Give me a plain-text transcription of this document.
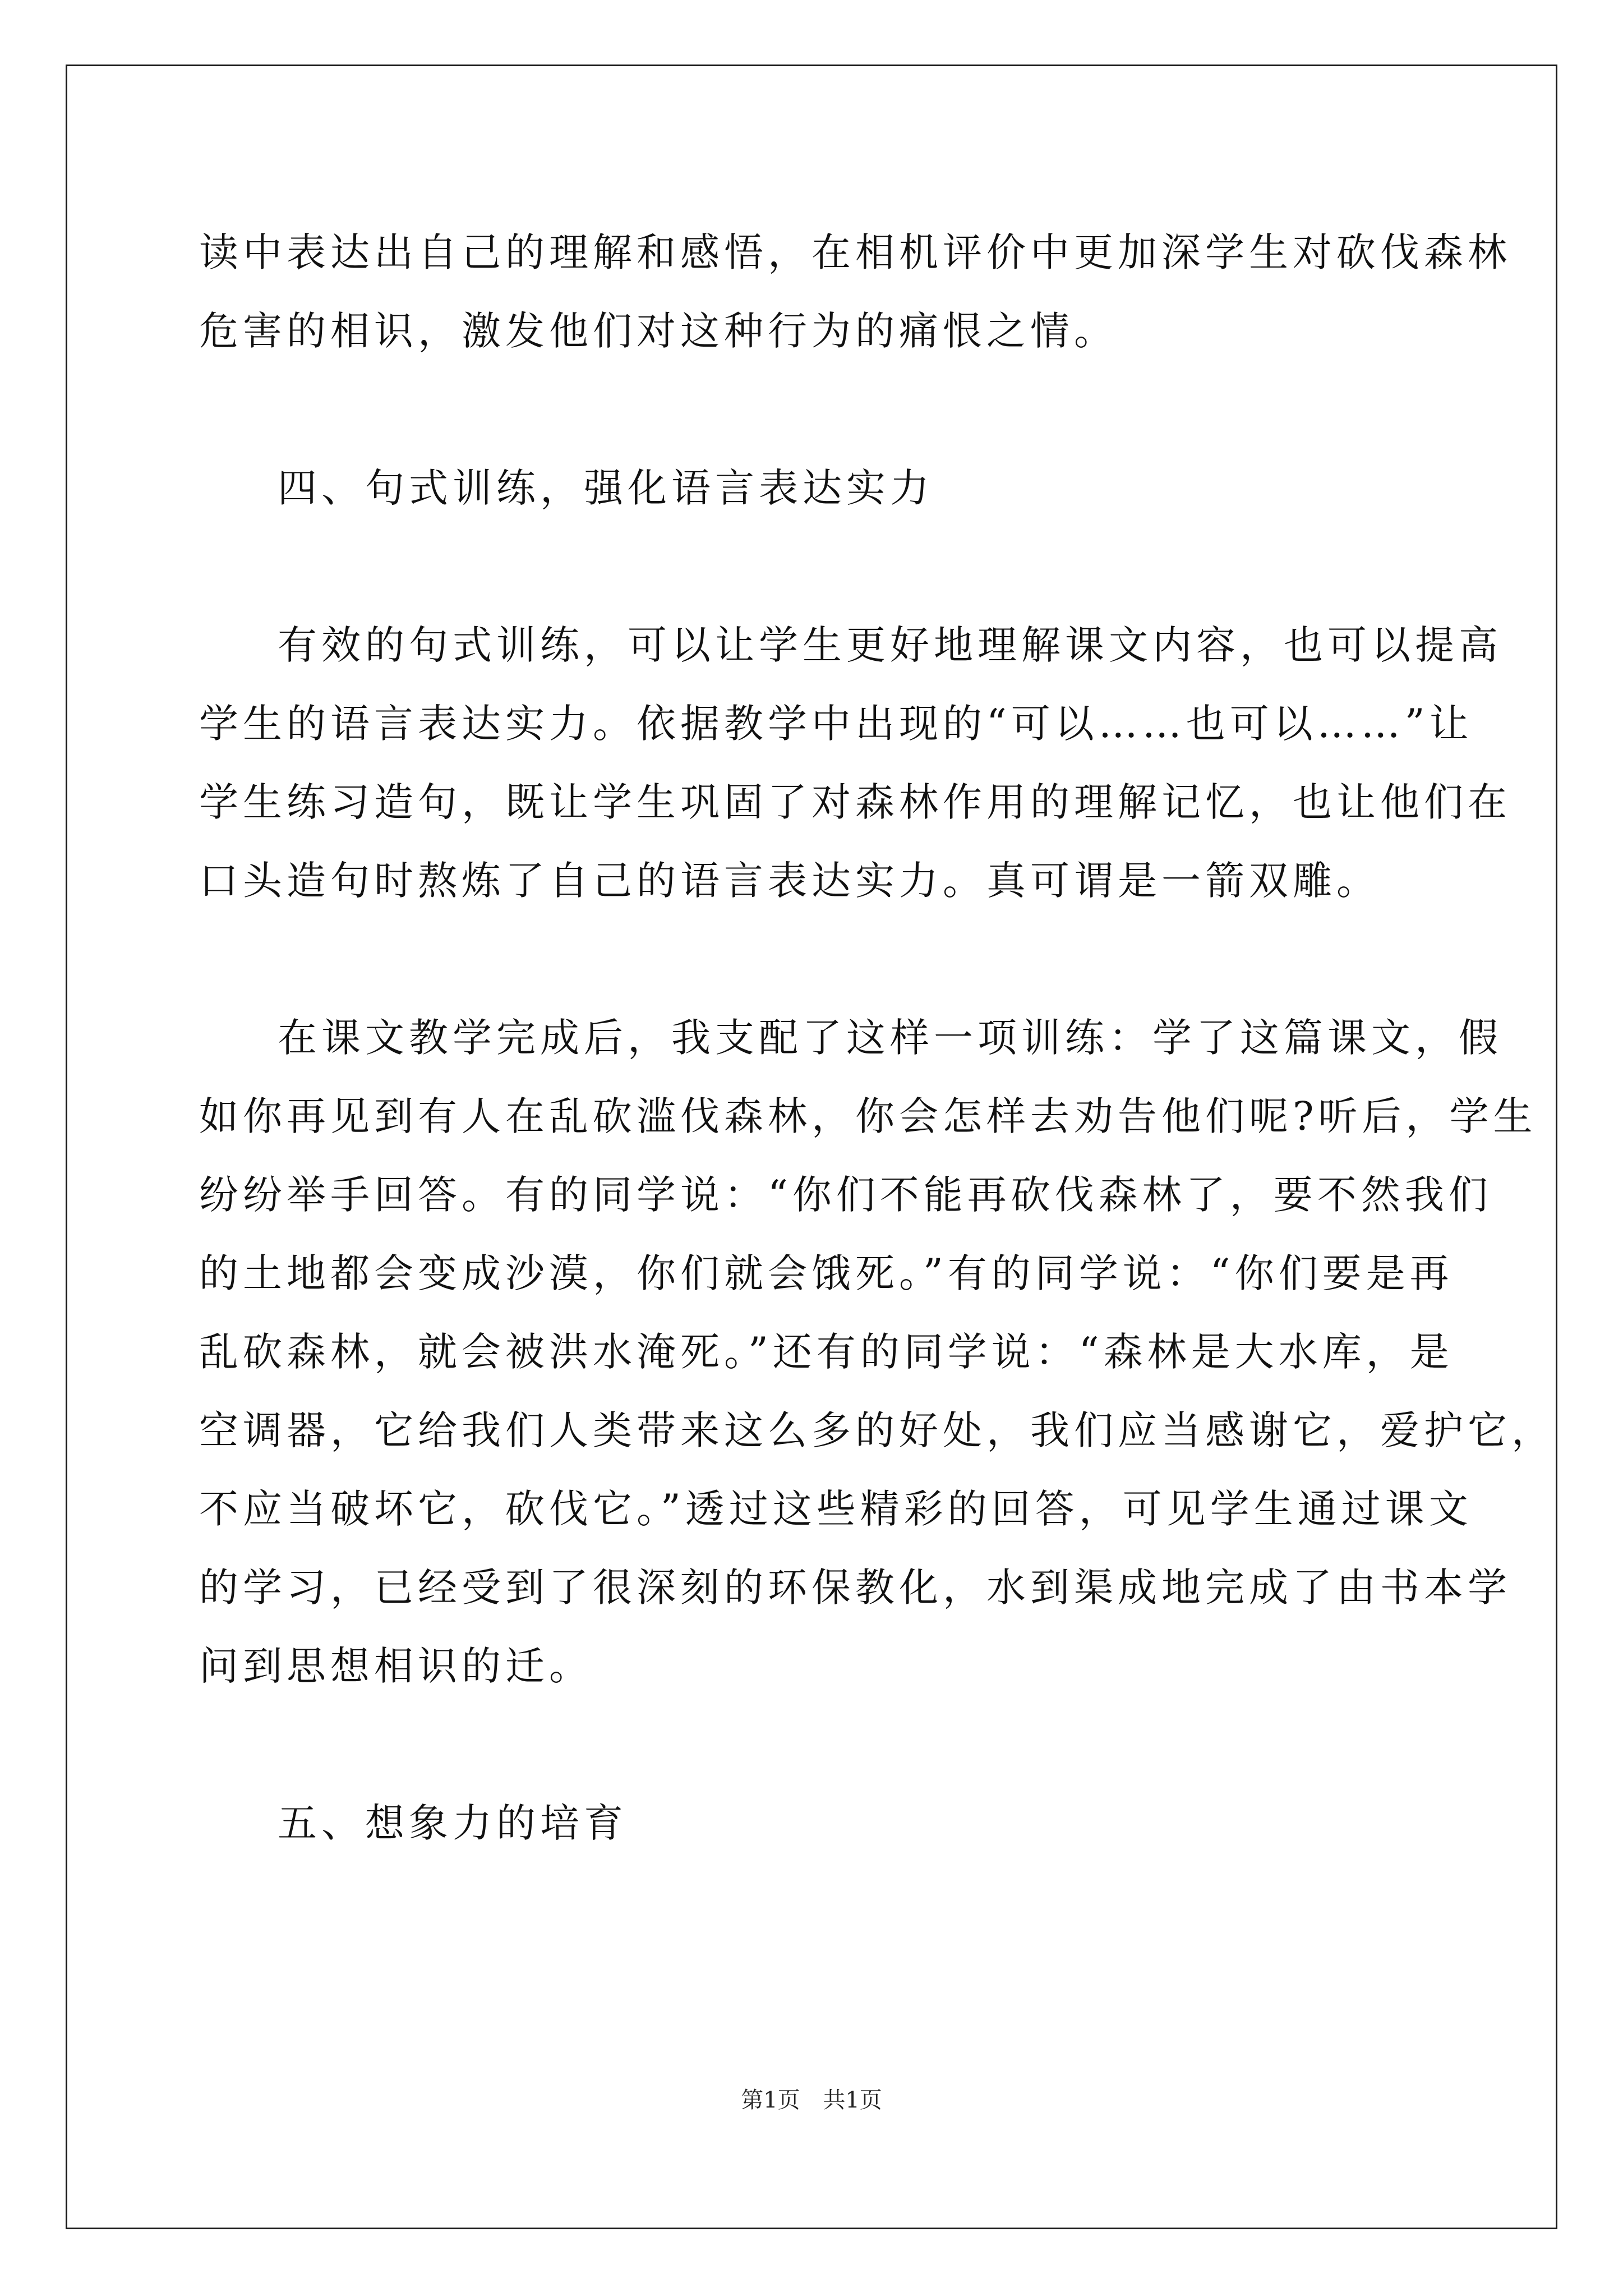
读中表达出自己的理解和感悟，在相机评价中更加深学生对砍伐森林
危害的相识，激发他们对这种行为的痛恨之情。
四、句式训练，强化语言表达实力
有效的句式训练，可以让学生更好地理解课文内容，也可以提高
学生的语言表达实力。依据教学中出现的“可以……也可以……”让
学生练习造句，既让学生巩固了对森林作用的理解记忆，也让他们在
口头造句时熬炼了自己的语言表达实力。真可谓是一箭双雕。
在课文教学完成后，我支配了这样一项训练：学了这篇课文，假
如你再见到有人在乱砍滥伐森林，你会怎样去劝告他们呢?听后，学生
纷纷举手回答。有的同学说：“你们不能再砍伐森林了，要不然我们
的土地都会变成沙漠，你们就会饿死。”有的同学说：“你们要是再
乱砍森林，就会被洪水淹死。”还有的同学说：“森林是大水库，是
空调器，它给我们人类带来这么多的好处，我们应当感谢它，爱护它，
不应当破坏它，砍伐它。”透过这些精彩的回答，可见学生通过课文
的学习，已经受到了很深刻的环保教化，水到渠成地完成了由书本学
问到思想相识的迁。
五、想象力的培育
第1页 共1页
